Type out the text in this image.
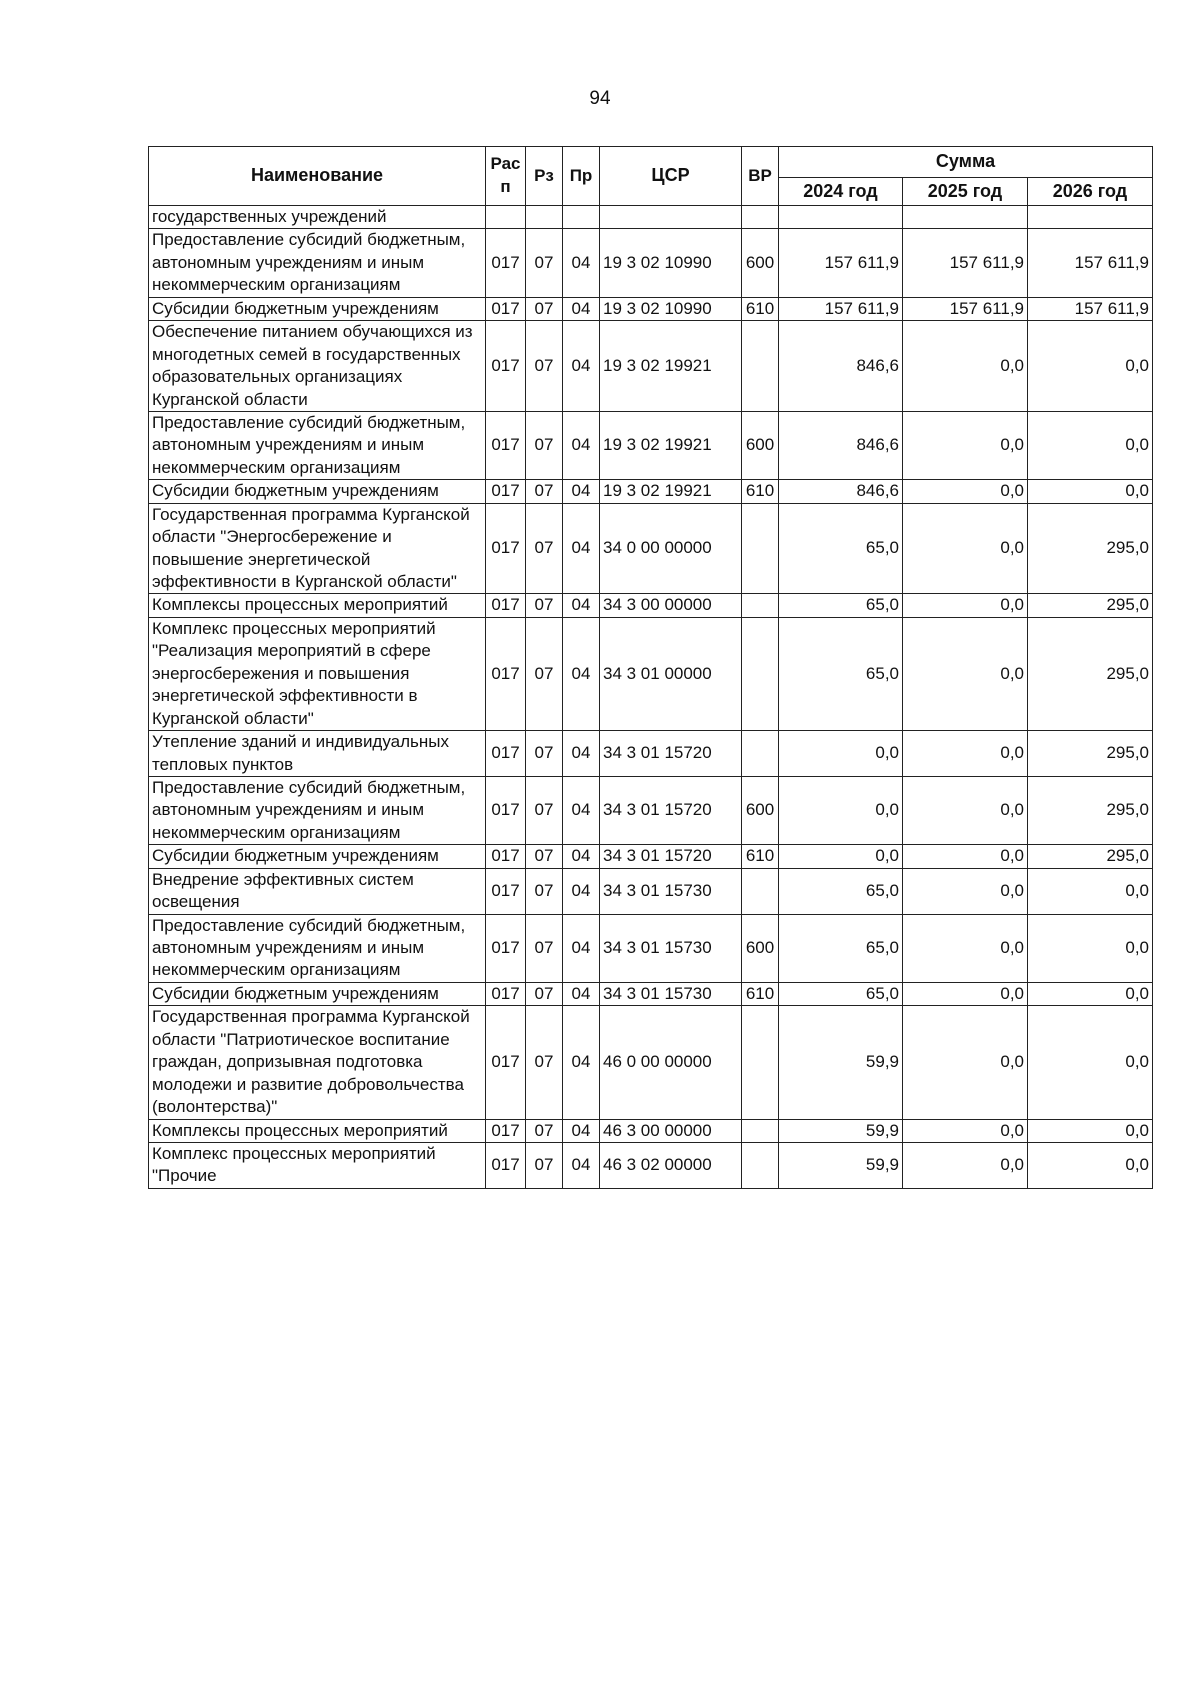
94
Наименование	Рас п	Рз	Пр	ЦСР	ВР	Сумма		
						2024 год	2025 год	2026 год
государственных учреждений								
Предоставление субсидий бюджетным, автономным учреждениям и иным некоммерческим организациям	017	07	04	19 3 02 10990	600	157 611,9	157 611,9	157 611,9
Субсидии бюджетным учреждениям	017	07	04	19 3 02 10990	610	157 611,9	157 611,9	157 611,9
Обеспечение питанием обучающихся из многодетных семей в государственных образовательных организациях Курганской области	017	07	04	19 3 02 19921		846,6	0,0	0,0
Предоставление субсидий бюджетным, автономным учреждениям и иным некоммерческим организациям	017	07	04	19 3 02 19921	600	846,6	0,0	0,0
Субсидии бюджетным учреждениям	017	07	04	19 3 02 19921	610	846,6	0,0	0,0
Государственная программа Курганской области "Энергосбережение и повышение энергетической эффективности в Курганской области"	017	07	04	34 0 00 00000		65,0	0,0	295,0
Комплексы процессных мероприятий	017	07	04	34 3 00 00000		65,0	0,0	295,0
Комплекс процессных мероприятий "Реализация мероприятий в сфере энергосбережения и повышения энергетической эффективности в Курганской области"	017	07	04	34 3 01 00000		65,0	0,0	295,0
Утепление зданий и индивидуальных тепловых пунктов	017	07	04	34 3 01 15720		0,0	0,0	295,0
Предоставление субсидий бюджетным, автономным учреждениям и иным некоммерческим организациям	017	07	04	34 3 01 15720	600	0,0	0,0	295,0
Субсидии бюджетным учреждениям	017	07	04	34 3 01 15720	610	0,0	0,0	295,0
Внедрение эффективных систем освещения	017	07	04	34 3 01 15730		65,0	0,0	0,0
Предоставление субсидий бюджетным, автономным учреждениям и иным некоммерческим организациям	017	07	04	34 3 01 15730	600	65,0	0,0	0,0
Субсидии бюджетным учреждениям	017	07	04	34 3 01 15730	610	65,0	0,0	0,0
Государственная программа Курганской области "Патриотическое воспитание граждан, допризывная подготовка молодежи и развитие добровольчества (волонтерства)"	017	07	04	46 0 00 00000		59,9	0,0	0,0
Комплексы процессных мероприятий	017	07	04	46 3 00 00000		59,9	0,0	0,0
Комплекс процессных мероприятий "Прочие	017	07	04	46 3 02 00000		59,9	0,0	0,0
